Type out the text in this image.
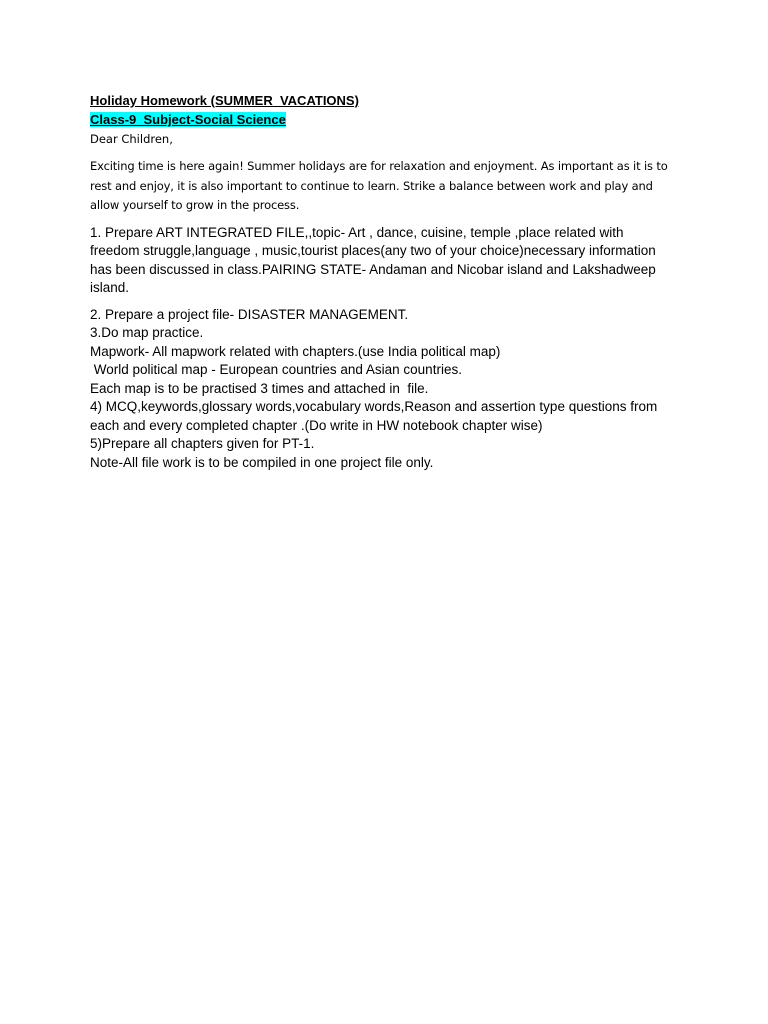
Holiday Homework (SUMMER  VACATIONS)

Class-9  Subject-Social Science

Dear Children,

Exciting time is here again! Summer holidays are for relaxation and enjoyment. As important as it is to rest and enjoy, it is also important to continue to learn. Strike a balance between work and play and allow yourself to grow in the process.

1. Prepare ART INTEGRATED FILE,,topic- Art , dance, cuisine, temple ,place related with

freedom struggle,language , music,tourist places(any two of your choice)necessary information

has been discussed in class.PAIRING STATE- Andaman and Nicobar island and Lakshadweep

island.

2. Prepare a project file- DISASTER MANAGEMENT.

3.Do map practice.

Mapwork- All mapwork related with chapters.(use India political map)

World political map - European countries and Asian countries.

Each map is to be practised 3 times and attached in  file.

4) MCQ,keywords,glossary words,vocabulary words,Reason and assertion type questions from

each and every completed chapter .(Do write in HW notebook chapter wise)

5)Prepare all chapters given for PT-1.

Note-All file work is to be compiled in one project file only.
